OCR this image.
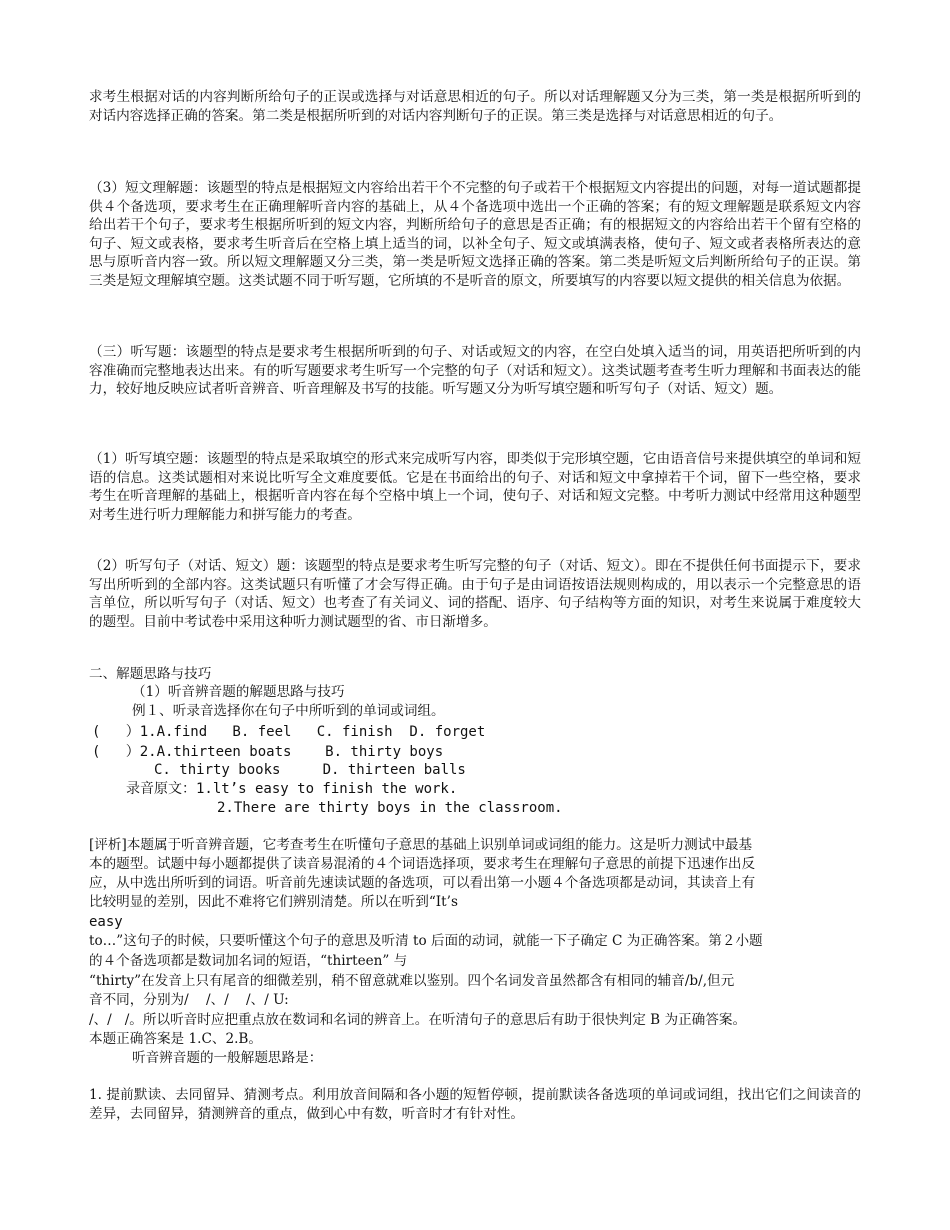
求考生根据对话的内容判断所给句子的正误或选择与对话意思相近的句子。所以对话理解题又分为三类，第一类是根据所听到的对话内容选择正确的答案。第二类是根据所听到的对话内容判断句子的正误。第三类是选择与对话意思相近的句子。

（3）短文理解题：该题型的特点是根据短文内容给出若干个不完整的句子或若干个根据短文内容提出的问题，对每一道试题都提供４个备选项，要求考生在正确理解听音内容的基础上，从４个备选项中选出一个正确的答案；有的短文理解题是联系短文内容给出若干个句子，要求考生根据所听到的短文内容，判断所给句子的意思是否正确；有的根据短文的内容给出若干个留有空格的句子、短文或表格，要求考生听音后在空格上填上适当的词，以补全句子、短文或填满表格，使句子、短文或者表格所表达的意思与原听音内容一致。所以短文理解题又分三类，第一类是听短文选择正确的答案。第二类是听短文后判断所给句子的正误。第三类是短文理解填空题。这类试题不同于听写题，它所填的不是听音的原文，所要填写的内容要以短文提供的相关信息为依据。

（三）听写题：该题型的特点是要求考生根据所听到的句子、对话或短文的内容，在空白处填入适当的词，用英语把所听到的内容准确而完整地表达出来。有的听写题要求考生听写一个完整的句子（对话和短文）。这类试题考查考生听力理解和书面表达的能力，较好地反映应试者听音辨音、听音理解及书写的技能。听写题又分为听写填空题和听写句子（对话、短文）题。

（1）听写填空题：该题型的特点是采取填空的形式来完成听写内容，即类似于完形填空题，它由语音信号来提供填空的单词和短语的信息。这类试题相对来说比听写全文难度要低。它是在书面给出的句子、对话和短文中拿掉若干个词，留下一些空格，要求考生在听音理解的基础上，根据听音内容在每个空格中填上一个词，使句子、对话和短文完整。中考听力测试中经常用这种题型对考生进行听力理解能力和拼写能力的考查。

（2）听写句子（对话、短文）题：该题型的特点是要求考生听写完整的句子（对话、短文）。即在不提供任何书面提示下，要求写出所听到的全部内容。这类试题只有听懂了才会写得正确。由于句子是由词语按语法规则构成的，用以表示一个完整意思的语言单位，所以听写句子（对话、短文）也考查了有关词义、词的搭配、语序、句子结构等方面的知识，对考生来说属于难度较大的题型。目前中考试卷中采用这种听力测试题型的省、市日渐增多。

二、解题思路与技巧
（1）听音辨音题的解题思路与技巧
例１、听录音选择你在句子中所听到的单词或词组。
(   ）1.A.find   B. feel   C. finish  D. forget
(   ）2.A.thirteen boats    B. thirty boys
C. thirty books     D. thirteen balls
录音原文：1.lt’s easy to finish the work.
2.There are thirty boys in the classroom.
[评析]本题属于听音辨音题，它考查考生在听懂句子意思的基础上识别单词或词组的能力。这是听力测试中最基
本的题型。试题中每小题都提供了读音易混淆的４个词语选择项，要求考生在理解句子意思的前提下迅速作出反
应，从中选出所听到的词语。听音前先速读试题的备选项，可以看出第一小题４个备选项都是动词，其读音上有
比较明显的差别，因此不难将它们辨别清楚。所以在听到“It’s
easy
to…”这句子的时候，只要听懂这个句子的意思及听清 to 后面的动词，就能一下子确定 C 为正确答案。第２小题
的４个备选项都是数词加名词的短语，“thirteen” 与
“thirty”在发音上只有尾音的细微差别，稍不留意就难以鉴别。四个名词发音虽然都含有相同的辅音/b/,但元
音不同，分别为/    /、/    /、/ U:
/、/   /。所以听音时应把重点放在数词和名词的辨音上。在听清句子的意思后有助于很快判定 B 为正确答案。
本题正确答案是 1.C、2.B。
听音辨音题的一般解题思路是：

1. 提前默读、去同留异、猜测考点。利用放音间隔和各小题的短暂停顿，提前默读各备选项的单词或词组，找出它们之间读音的差异，去同留异，猜测辨音的重点，做到心中有数，听音时才有针对性。
